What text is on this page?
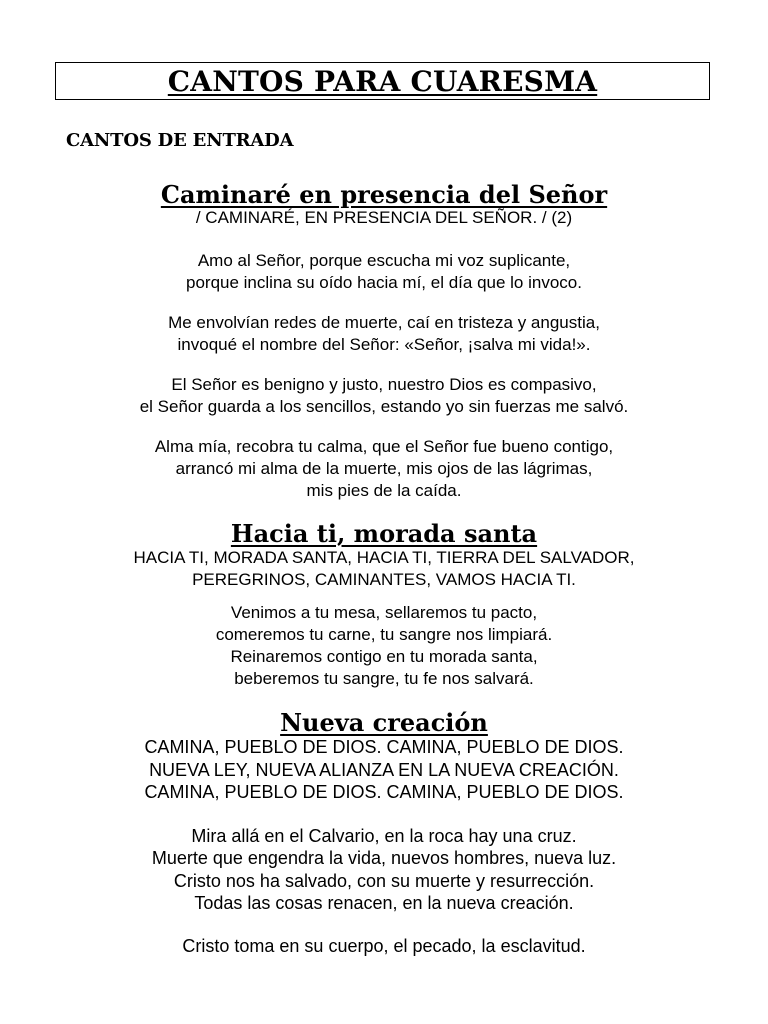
CANTOS PARA CUARESMA
CANTOS DE ENTRADA
Caminaré en presencia del Señor

/ CAMINARÉ, EN PRESENCIA DEL SEÑOR. / (2)

Amo al Señor, porque escucha mi voz suplicante,

porque inclina su oído hacia mí, el día que lo invoco.

Me envolvían redes de muerte, caí en tristeza y angustia,

invoqué el nombre del Señor: «Señor, ¡salva mi vida!».

El Señor es benigno y justo, nuestro Dios es compasivo,

el Señor guarda a los sencillos, estando yo sin fuerzas me salvó.

Alma mía, recobra tu calma, que el Señor fue bueno contigo,

arrancó mi alma de la muerte, mis ojos de las lágrimas,

mis pies de la caída.

Hacia ti, morada santa

HACIA TI, MORADA SANTA, HACIA TI, TIERRA DEL SALVADOR,

PEREGRINOS, CAMINANTES, VAMOS HACIA TI.

Venimos a tu mesa, sellaremos tu pacto,

comeremos tu carne, tu sangre nos limpiará.

Reinaremos contigo en tu morada santa,

beberemos tu sangre, tu fe nos salvará.

Nueva creación

CAMINA, PUEBLO DE DIOS. CAMINA, PUEBLO DE DIOS.

NUEVA LEY, NUEVA ALIANZA EN LA NUEVA CREACIÓN.

CAMINA, PUEBLO DE DIOS. CAMINA, PUEBLO DE DIOS.

Mira allá en el Calvario, en la roca hay una cruz.

Muerte que engendra la vida, nuevos hombres, nueva luz.

Cristo nos ha salvado, con su muerte y resurrección.

Todas las cosas renacen, en la nueva creación.

Cristo toma en su cuerpo, el pecado, la esclavitud.
